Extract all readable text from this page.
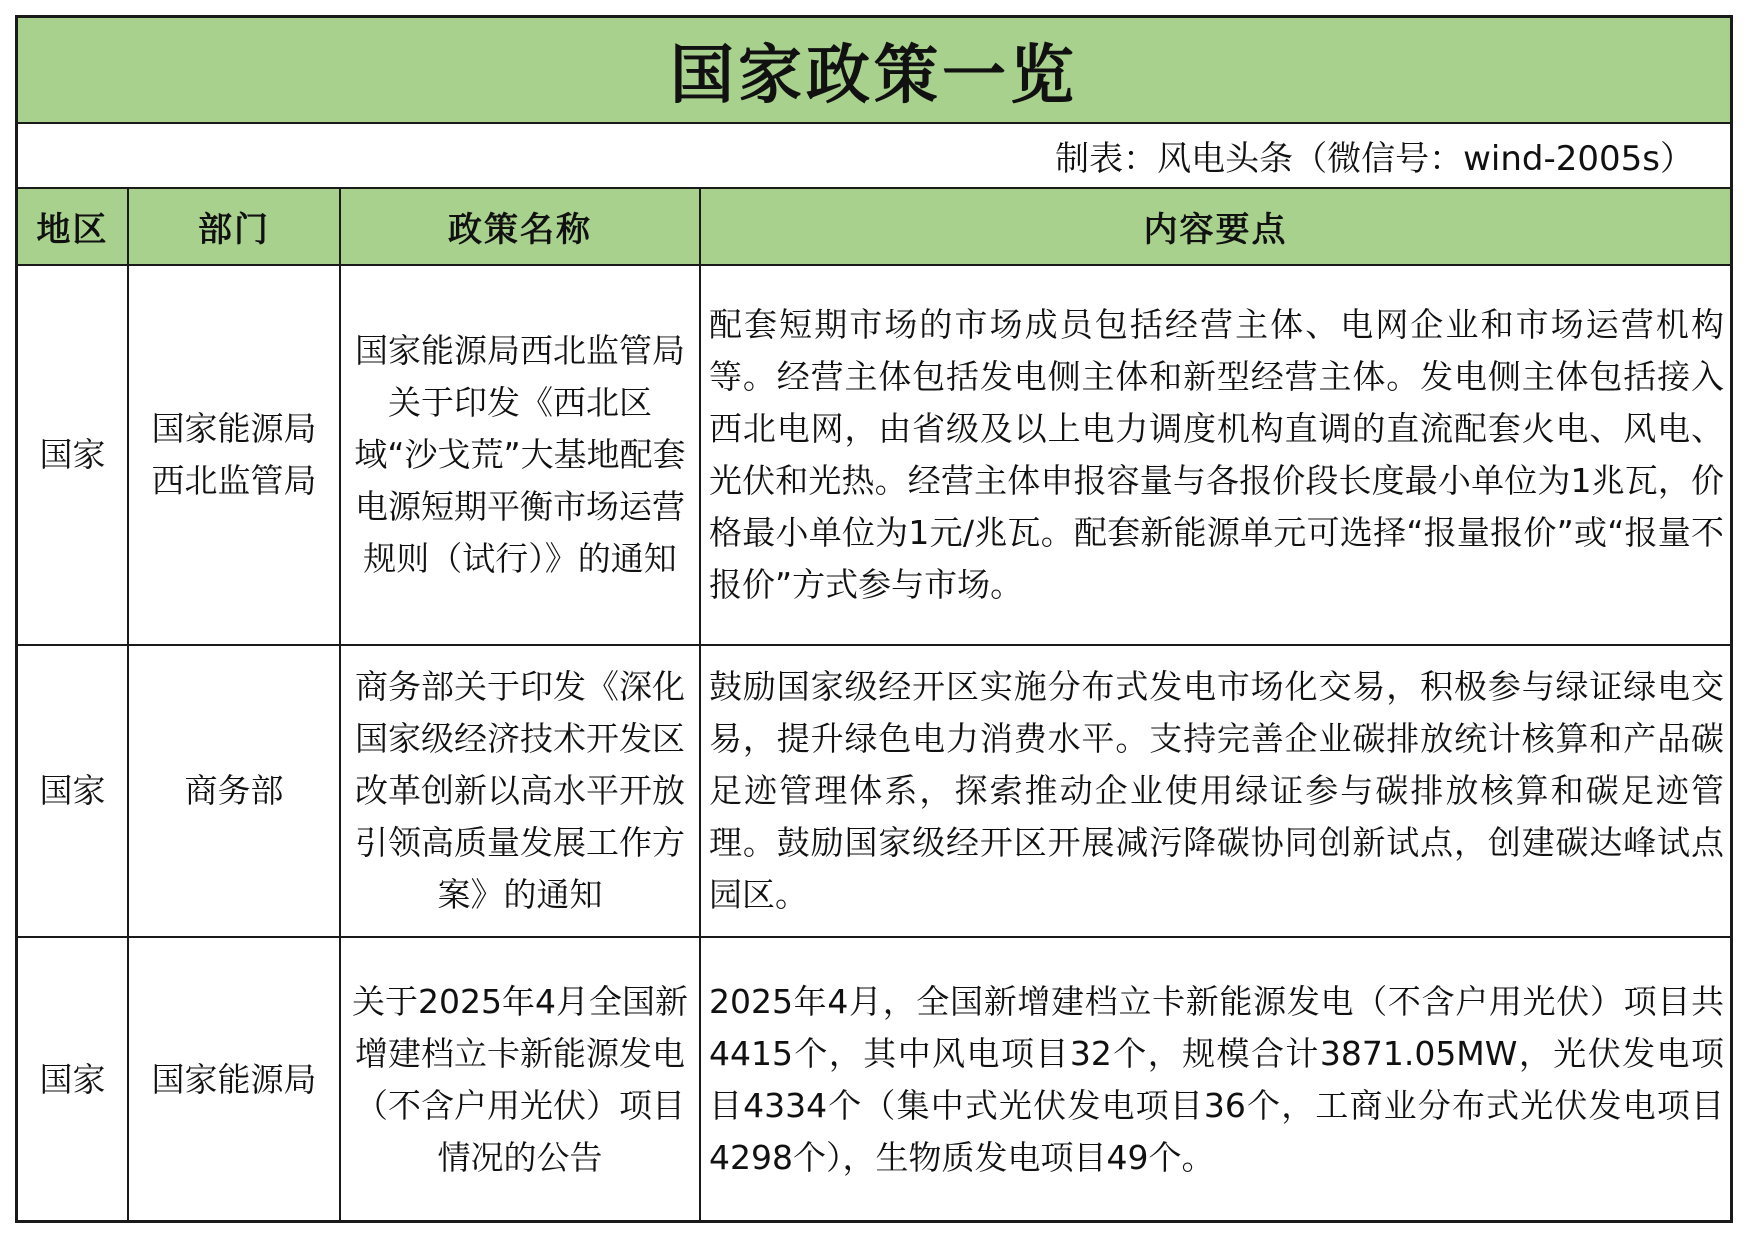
国家政策一览
制表：风电头条（微信号：wind-2005s）
地区	部门	政策名称	内容要点
国家	国家能源局西北监管局	国家能源局西北监管局关于印发《西北区域“沙戈荒”大基地配套电源短期平衡市场运营规则（试行）》的通知	配套短期市场的市场成员包括经营主体、电网企业和市场运营机构等。经营主体包括发电侧主体和新型经营主体。发电侧主体包括接入西北电网，由省级及以上电力调度机构直调的直流配套火电、风电、光伏和光热。经营主体申报容量与各报价段长度最小单位为1兆瓦，价格最小单位为1元/兆瓦。配套新能源单元可选择“报量报价”或“报量不报价”方式参与市场。
国家	商务部	商务部关于印发《深化国家级经济技术开发区改革创新以高水平开放引领高质量发展工作方案》的通知	鼓励国家级经开区实施分布式发电市场化交易，积极参与绿证绿电交易，提升绿色电力消费水平。支持完善企业碳排放统计核算和产品碳足迹管理体系，探索推动企业使用绿证参与碳排放核算和碳足迹管理。鼓励国家级经开区开展减污降碳协同创新试点，创建碳达峰试点园区。
国家	国家能源局	关于2025年4月全国新增建档立卡新能源发电（不含户用光伏）项目情况的公告	2025年4月，全国新增建档立卡新能源发电（不含户用光伏）项目共4415个，其中风电项目32个，规模合计3871.05MW，光伏发电项目4334个（集中式光伏发电项目36个，工商业分布式光伏发电项目4298个），生物质发电项目49个。
